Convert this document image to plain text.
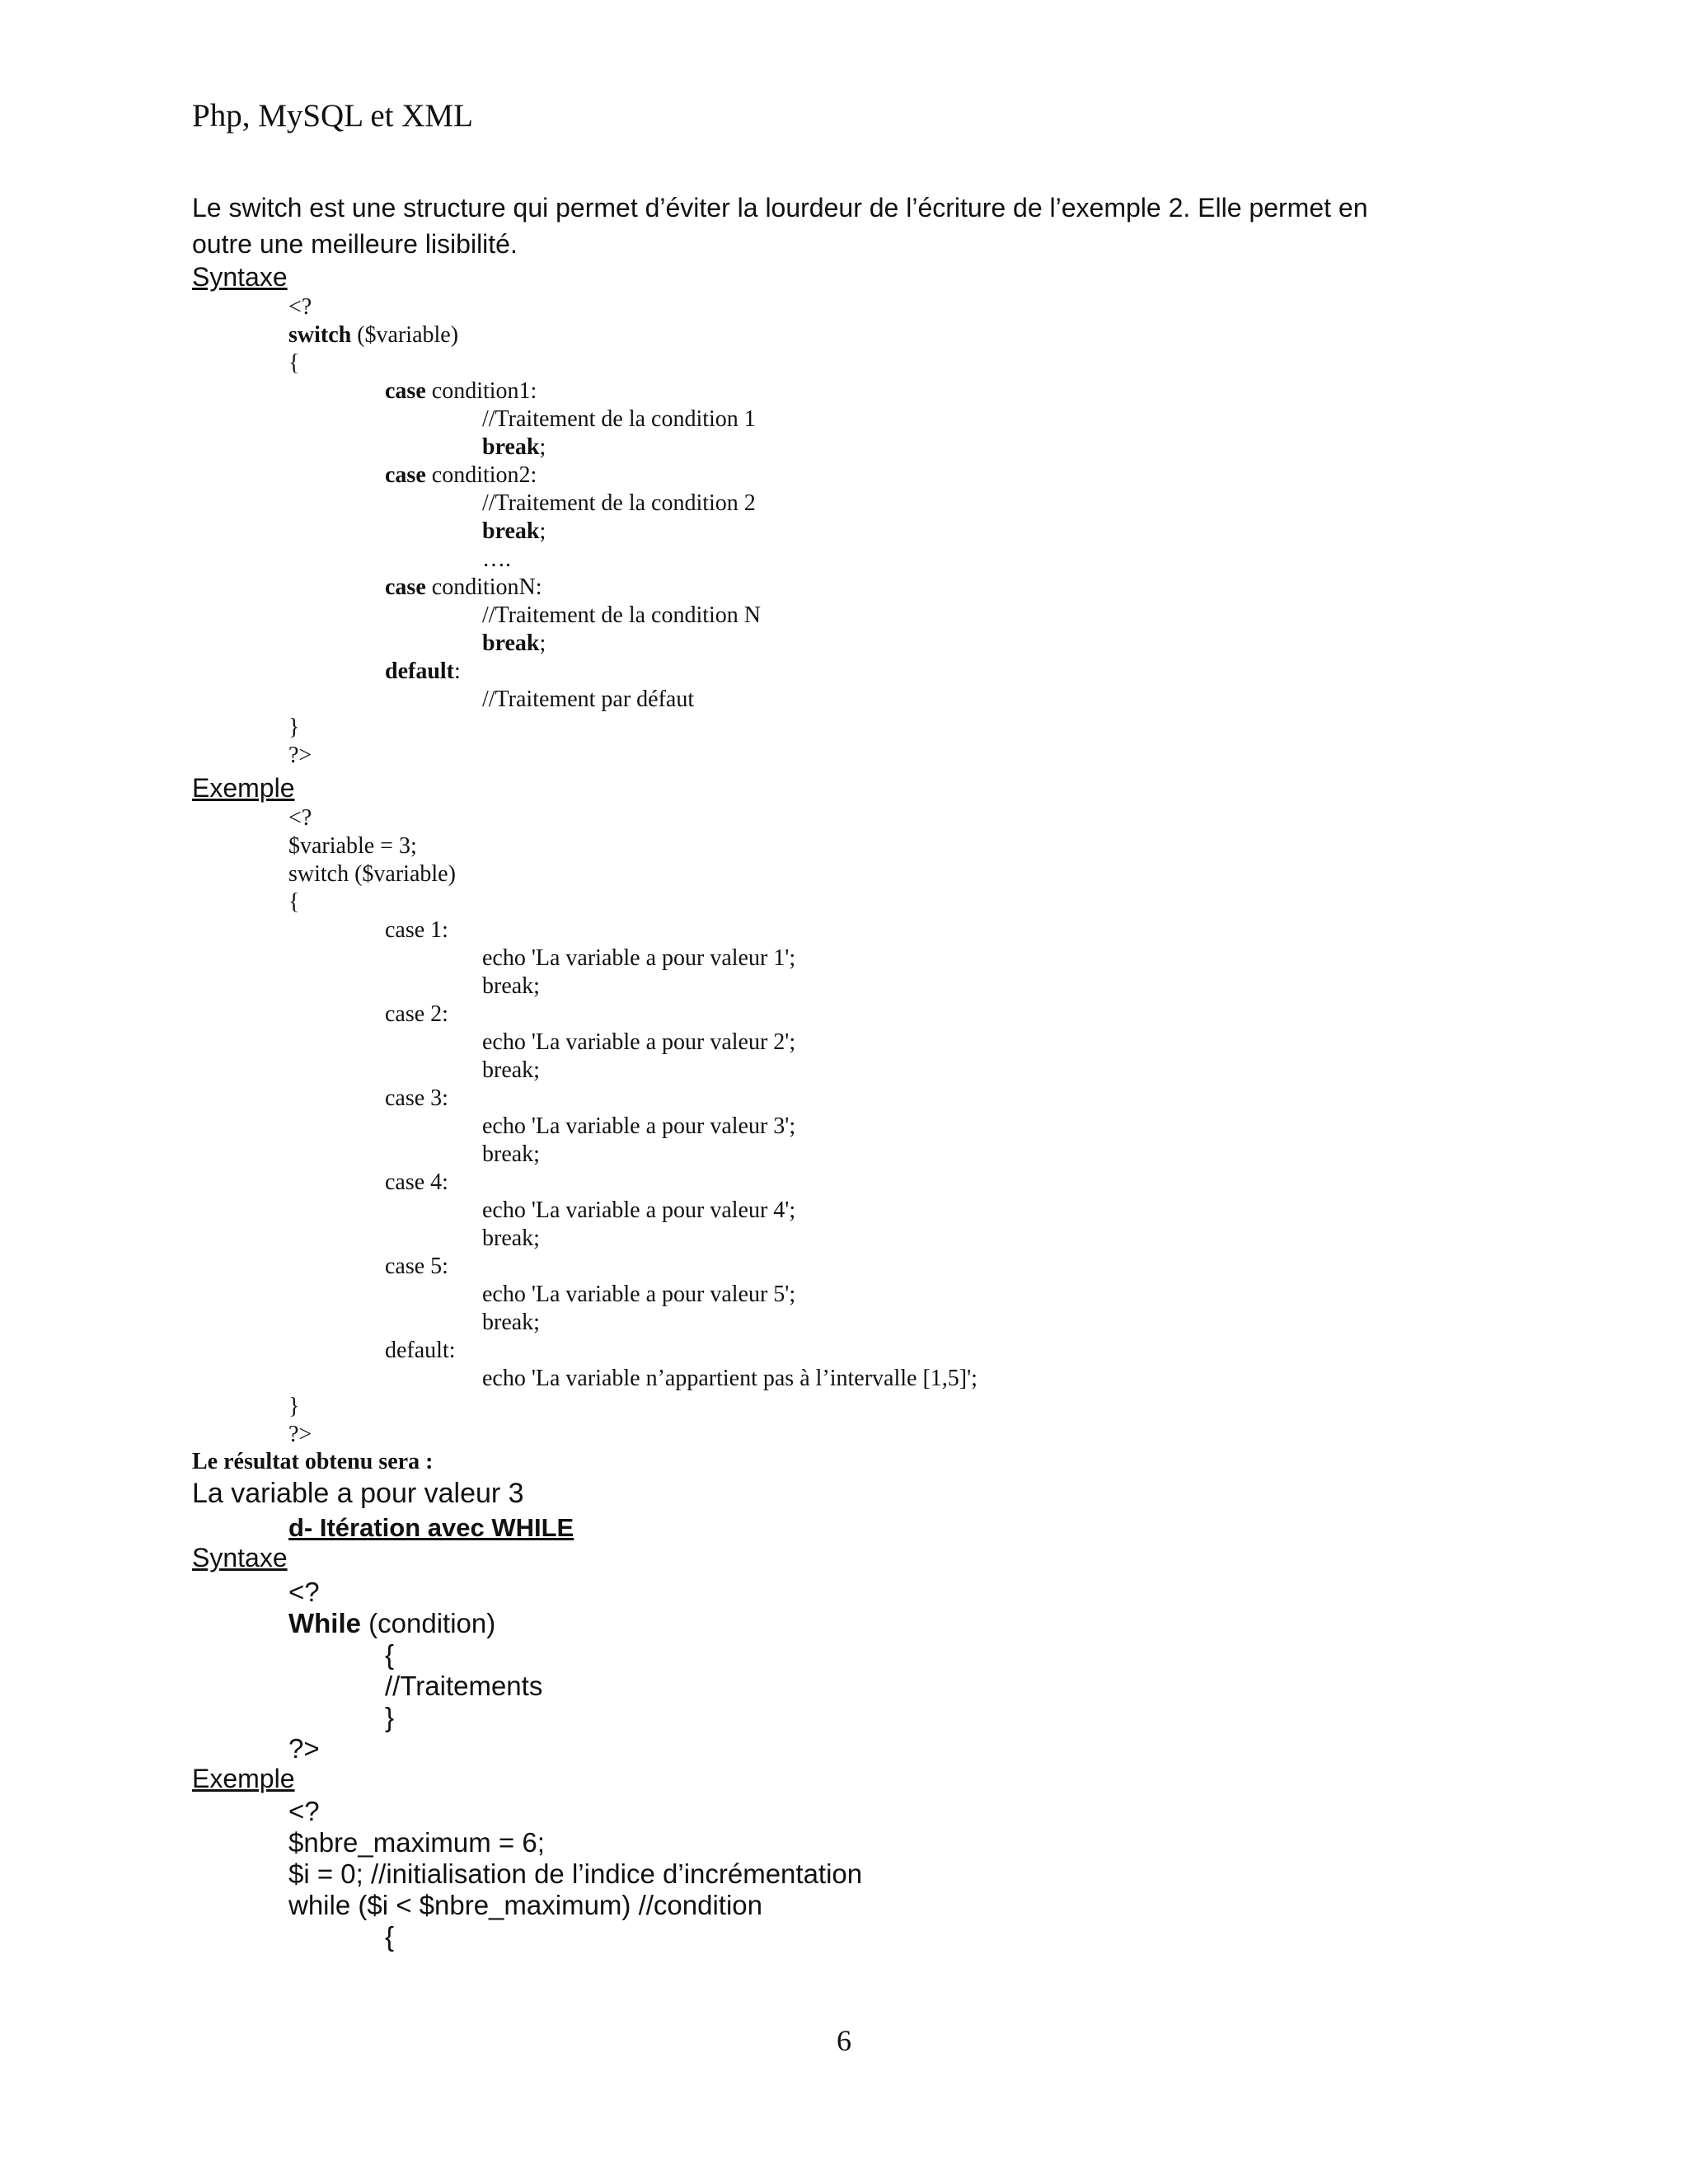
Php, MySQL et XML
Le switch est une structure qui permet d’éviter la lourdeur de l’écriture de l’exemple 2. Elle permet en
outre une meilleure lisibilité.
Syntaxe
<?
switch ($variable)
{
case condition1:
//Traitement de la condition 1
break;
case condition2:
//Traitement de la condition 2
break;
….
case conditionN:
//Traitement de la condition N
break;
default:
//Traitement par défaut
}
?>
Exemple
<?
$variable = 3;
switch ($variable)
{
case 1:
echo 'La variable a pour valeur 1';
break;
case 2:
echo 'La variable a pour valeur 2';
break;
case 3:
echo 'La variable a pour valeur 3';
break;
case 4:
echo 'La variable a pour valeur 4';
break;
case 5:
echo 'La variable a pour valeur 5';
break;
default:
echo 'La variable n’appartient pas à l’intervalle [1,5]';
}
?>
Le résultat obtenu sera :
La variable a pour valeur 3
d- Itération avec WHILE
Syntaxe
<?
While (condition)
{
//Traitements
}
?>
Exemple
<?
$nbre_maximum = 6;
$i = 0; //initialisation de l’indice d’incrémentation
while ($i < $nbre_maximum) //condition
{
6
